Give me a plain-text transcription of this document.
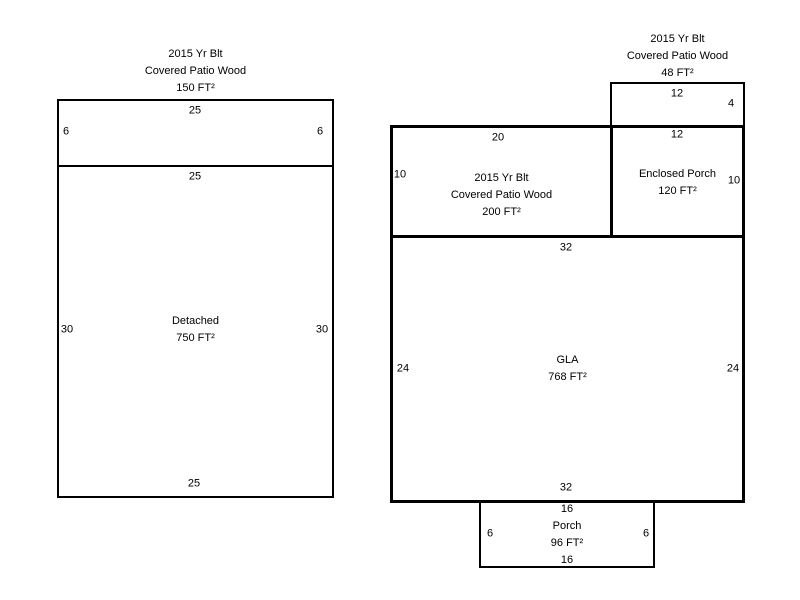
2015 Yr Blt
Covered Patio Wood
150 FT²
25
6	6
25
30	30
25
Detached
750 FT²
2015 Yr Blt
Covered Patio Wood
48 FT²
12
4
20
10	2015 Yr Blt
Covered Patio Wood
200 FT²
12
10
Enclosed Porch
120 FT²
32
24	24
32
GLA
768 FT²
16
Porch
96 FT²
16
6	6
